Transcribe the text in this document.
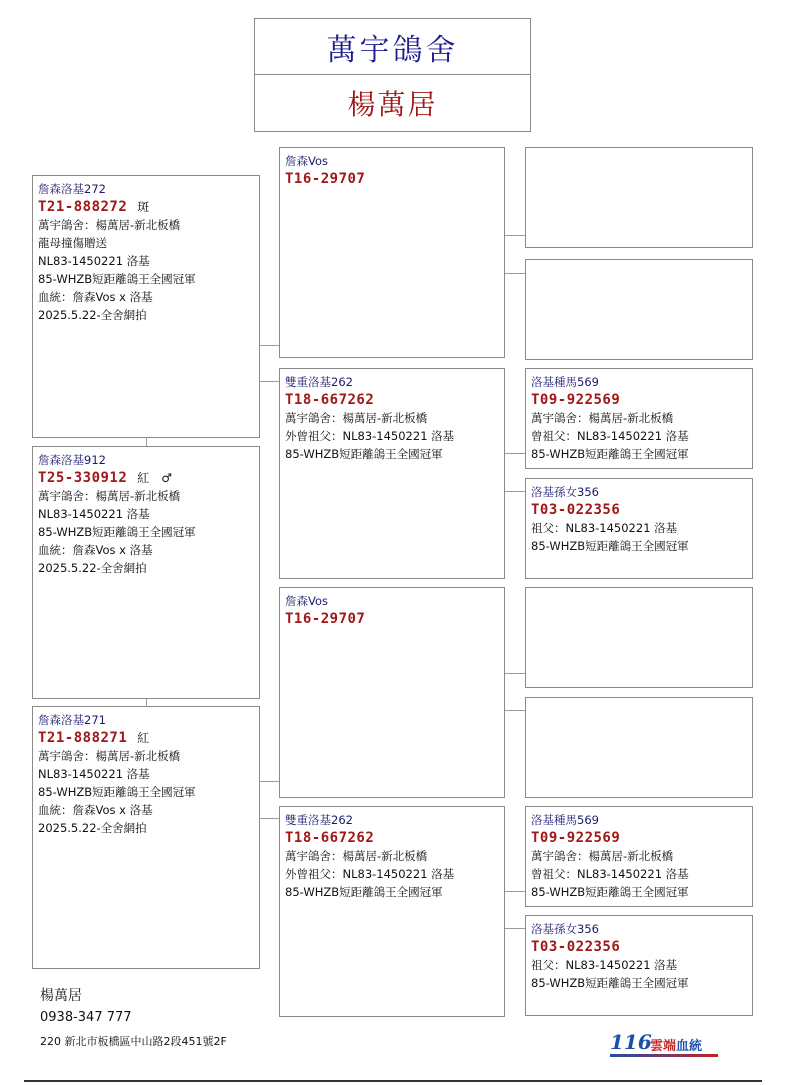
萬宇鴿舍
楊萬居
詹森洛基272
T21-888272 斑
萬宇鴿舍：楊萬居-新北板橋
龍母撞傷贈送
NL83-1450221 洛基
85-WHZB短距離鴿王全國冠軍
血統：詹森Vos x 洛基
2025.5.22-全舍網拍
詹森洛基912
T25-330912 紅　♂
萬宇鴿舍：楊萬居-新北板橋
NL83-1450221 洛基
85-WHZB短距離鴿王全國冠軍
血統：詹森Vos x 洛基
2025.5.22-全舍網拍
詹森洛基271
T21-888271 紅
萬宇鴿舍：楊萬居-新北板橋
NL83-1450221 洛基
85-WHZB短距離鴿王全國冠軍
血統：詹森Vos x 洛基
2025.5.22-全舍網拍
詹森Vos
T16-29707
雙重洛基262
T18-667262
萬宇鴿舍：楊萬居-新北板橋
外曾祖父：NL83-1450221 洛基
85-WHZB短距離鴿王全國冠軍
詹森Vos
T16-29707
雙重洛基262
T18-667262
萬宇鴿舍：楊萬居-新北板橋
外曾祖父：NL83-1450221 洛基
85-WHZB短距離鴿王全國冠軍
洛基種馬569
T09-922569
萬宇鴿舍：楊萬居-新北板橋
曾祖父：NL83-1450221 洛基
85-WHZB短距離鴿王全國冠軍
洛基孫女356
T03-022356
祖父：NL83-1450221 洛基
85-WHZB短距離鴿王全國冠軍
洛基種馬569
T09-922569
萬宇鴿舍：楊萬居-新北板橋
曾祖父：NL83-1450221 洛基
85-WHZB短距離鴿王全國冠軍
洛基孫女356
T03-022356
祖父：NL83-1450221 洛基
85-WHZB短距離鴿王全國冠軍
楊萬居
0938-347 777
220 新北市板橋區中山路2段451號2F	116
雲端血統
